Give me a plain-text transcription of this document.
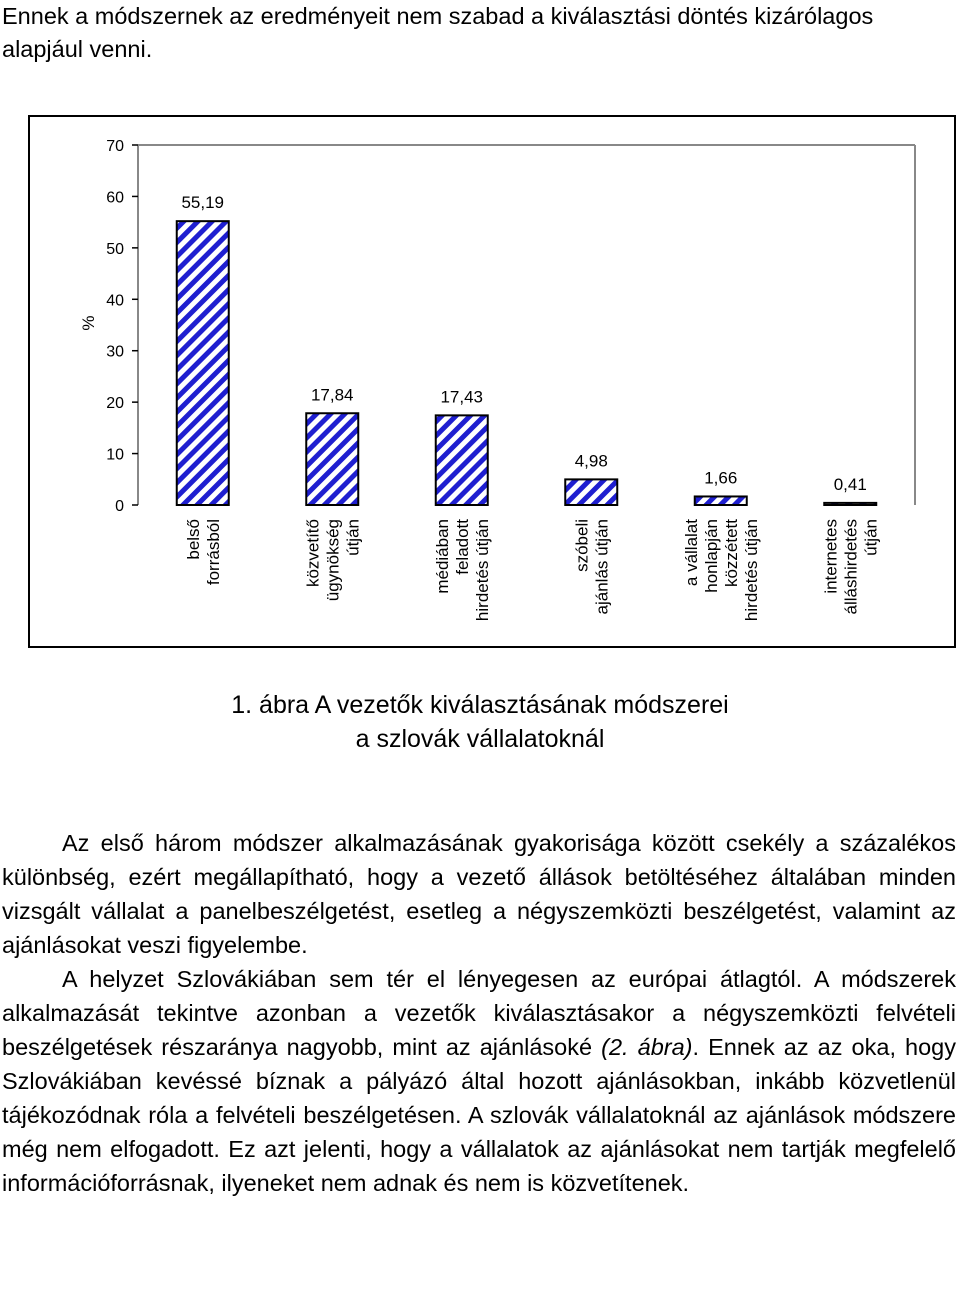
Ennek a módszernek az eredményeit nem szabad a kiválasztási döntés kizárólagos alapjául venni.

0
10
20
30
40
50
60
70
%
55,19
belső forrásból
17,84
közvetítő ügynökség útján
17,43
médiában feladott hirdetés útján
4,98
szóbeli ajánlás útján
1,66
a vállalat honlapján közzétett hirdetés útján
0,41
internetes álláshirdetés útján
1. ábra A vezetők kiválasztásának módszerei
a szlovák vállalatoknál

Az első három módszer alkalmazásának gyakorisága között csekély a százalékos különbség, ezért megállapítható, hogy a vezető állások betöltéséhez általában minden vizsgált vállalat a panelbeszélgetést, esetleg a négyszemközti beszélgetést, valamint az ajánlásokat veszi figyelembe.

A helyzet Szlovákiában sem tér el lényegesen az európai átlagtól. A módszerek alkalmazását tekintve azonban a vezetők kiválasztásakor a négyszemközti felvételi beszélgetések részaránya nagyobb, mint az ajánlásoké (2. ábra). Ennek az az oka, hogy Szlovákiában kevéssé bíznak a pályázó által hozott ajánlásokban, inkább közvetlenül tájékozódnak róla a felvételi beszélgetésen. A szlovák vállalatoknál az ajánlások módszere még nem elfogadott. Ez azt jelenti, hogy a vállalatok az ajánlásokat nem tartják megfelelő információforrásnak, ilyeneket nem adnak és nem is közvetítenek.
